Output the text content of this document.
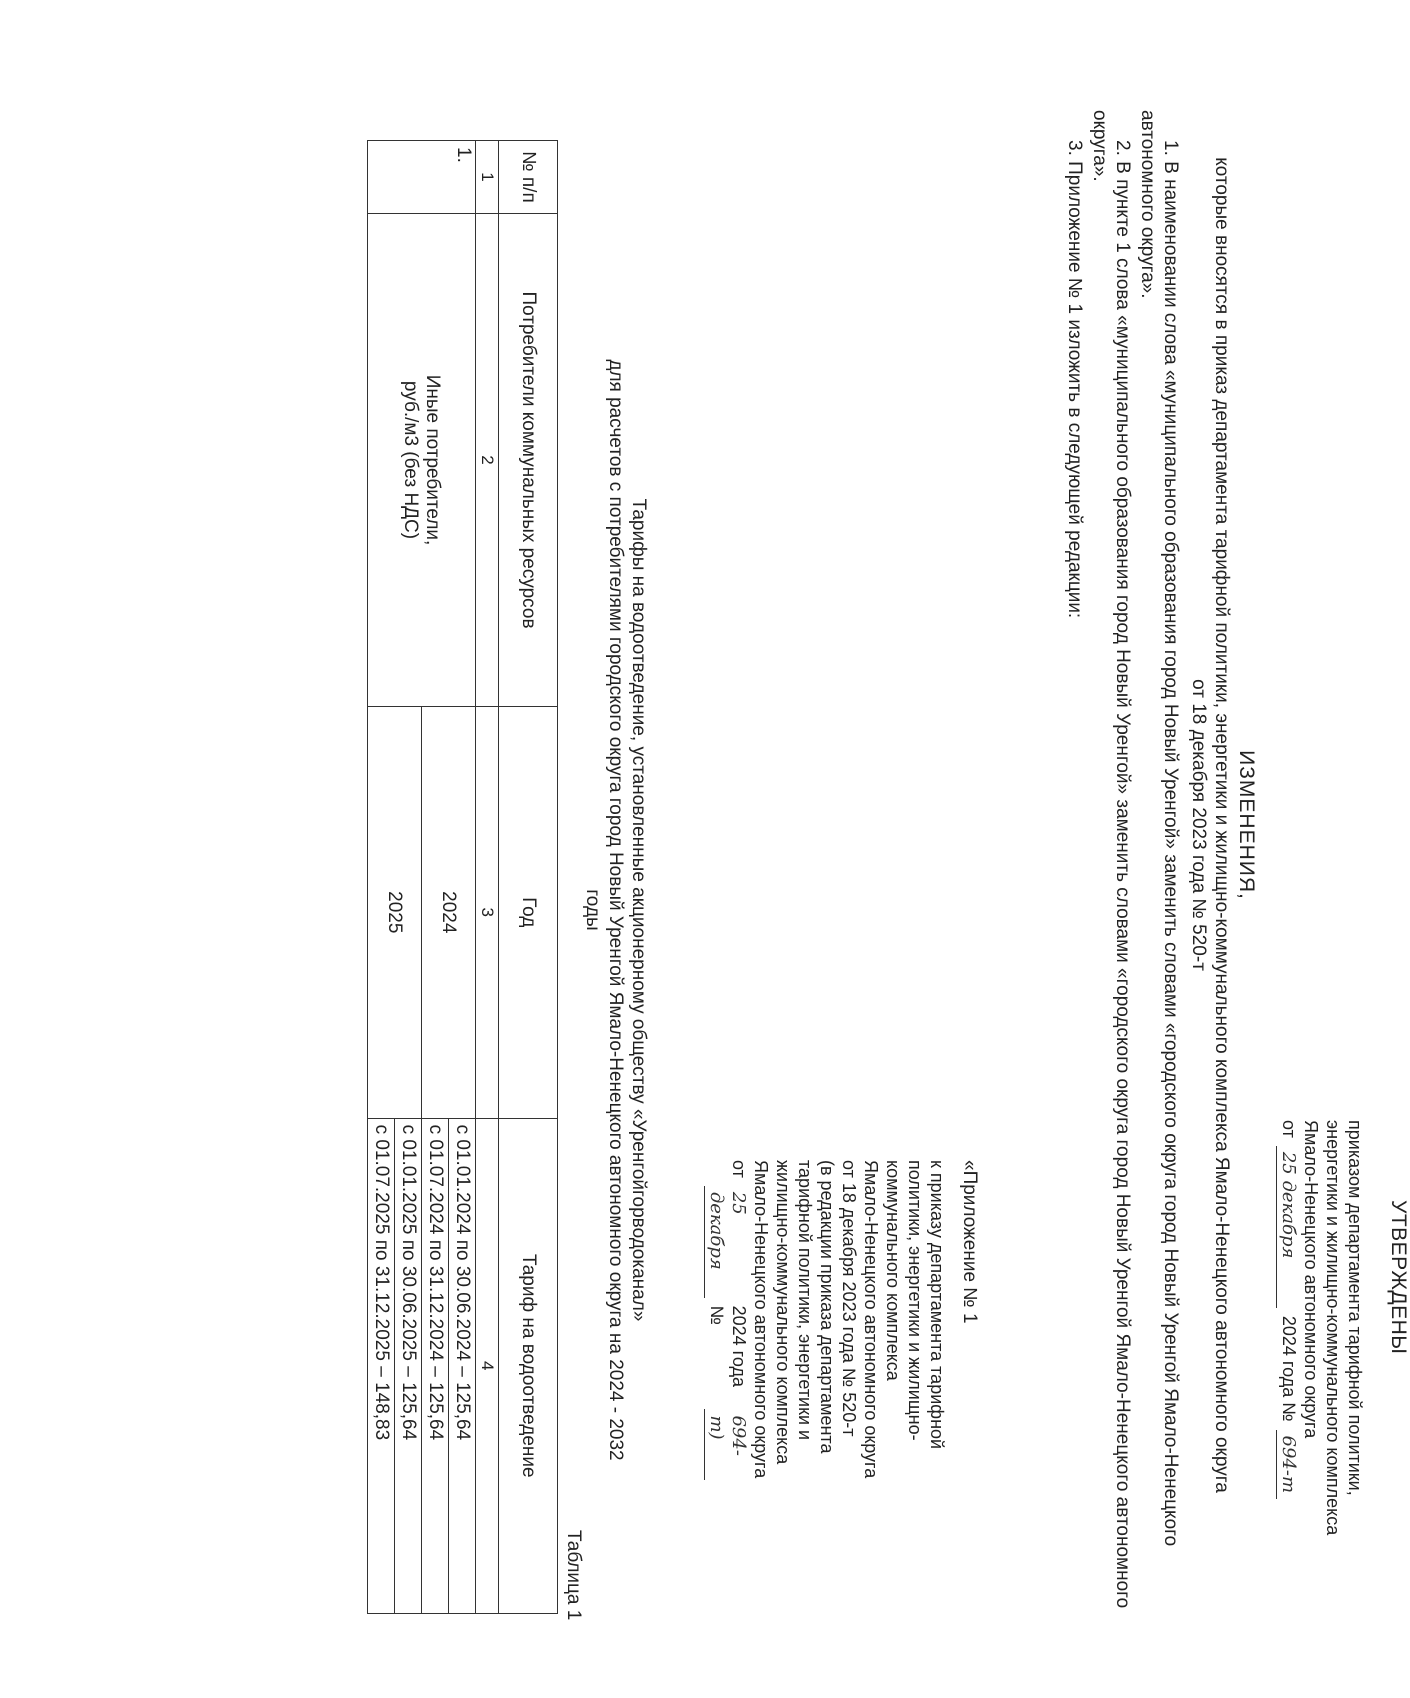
УТВЕРЖДЕНЫ
приказом департамента тарифной политики,
энергетики и жилищно-коммунального комплекса
Ямало-Ненецкого автономного округа
от
25 декабря
2024 года №
694-т
ИЗМЕНЕНИЯ,
которые вносятся в приказ департамента тарифной политики, энергетики и жилищно-коммунального комплекса Ямало-Ненецкого автономного округа от 18 декабря 2023 года № 520-т

1. В наименовании слова «муниципального образования город Новый Уренгой» заменить словами «городского округа город Новый Уренгой Ямало-Ненецкого автономного округа».

2. В пункте 1 слова «муниципального образования город Новый Уренгой» заменить словами «городского округа город Новый Уренгой Ямало-Ненецкого автономного округа».

3. Приложение № 1 изложить в следующей редакции:

«Приложение № 1
к приказу департамента тарифной
политики, энергетики и жилищно-
коммунального комплекса
Ямало-Ненецкого автономного округа
от 18 декабря 2023 года № 520-т
(в редакции приказа департамента
тарифной политики, энергетики и
жилищно-коммунального комплекса
Ямало-Ненецкого автономного округа
от
25 декабря
2024 года №
694-т)
Тарифы на водоотведение, установленные акционерному обществу «Уренгойгорводоканал»
для расчетов с потребителями городского округа город Новый Уренгой Ямало-Ненецкого автономного округа на 2024 - 2032 годы
Таблица 1
№ п/п	Потребители коммунальных ресурсов	Год	Тариф на водоотведение
1	2	3	4
1.	Иные потребители,
руб./м3 (без НДС)	2024	с 01.01.2024 по 30.06.2024 – 125,64
			с 01.07.2024 по 31.12.2024 – 125,64
		2025	с 01.01.2025 по 30.06.2025 – 125,64
			с 01.07.2025 по 31.12.2025 – 148,83
